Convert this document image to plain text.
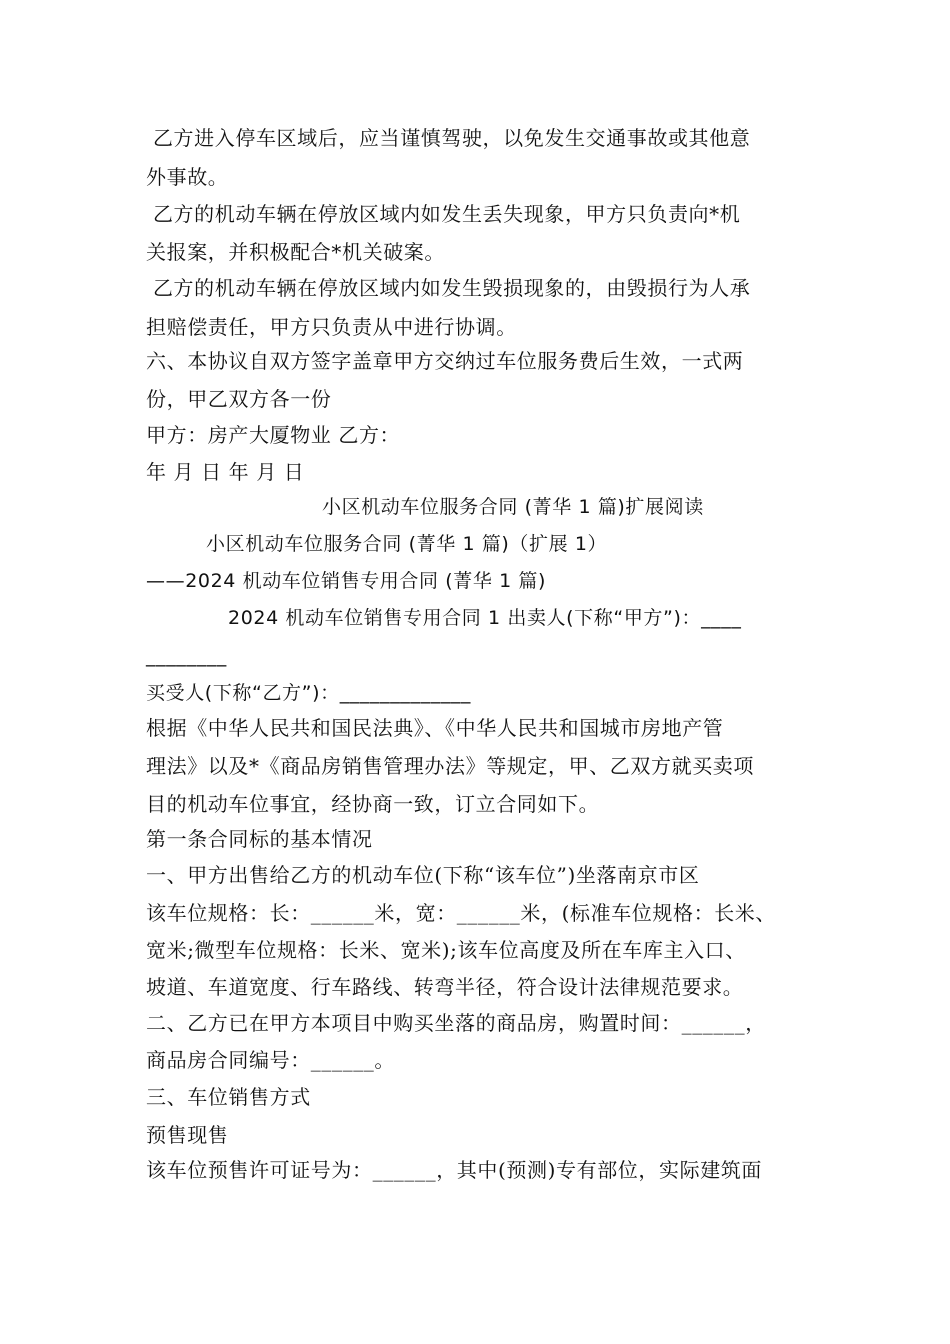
乙方进入停车区域后，应当谨慎驾驶，以免发生交通事故或其他意
外事故。
乙方的机动车辆在停放区域内如发生丢失现象，甲方只负责向*机
关报案，并积极配合*机关破案。
乙方的机动车辆在停放区域内如发生毁损现象的，由毁损行为人承
担赔偿责任，甲方只负责从中进行协调。
六、本协议自双方签字盖章甲方交纳过车位服务费后生效，一式两
份，甲乙双方各一份
甲方：房产大厦物业 乙方：
年 月 日 年 月 日
小区机动车位服务合同 (菁华 1 篇)扩展阅读
小区机动车位服务合同 (菁华 1 篇)（扩展 1）
——2024 机动车位销售专用合同 (菁华 1 篇)
2024 机动车位销售专用合同 1 出卖人(下称“甲方”)：____
________
买受人(下称“乙方”)：_____________
根据《中华人民共和国民法典》、《中华人民共和国城市房地产管
理法》以及*《商品房销售管理办法》等规定，甲、乙双方就买卖项
目的机动车位事宜，经协商一致，订立合同如下。
第一条合同标的基本情况
一、甲方出售给乙方的机动车位(下称“该车位”)坐落南京市区
该车位规格：长：______米，宽：______米，(标准车位规格：长米、
宽米;微型车位规格：长米、宽米);该车位高度及所在车库主入口、
坡道、车道宽度、行车路线、转弯半径，符合设计法律规范要求。
二、乙方已在甲方本项目中购买坐落的商品房，购置时间：______，
商品房合同编号：______。
三、车位销售方式
预售现售
该车位预售许可证号为：______，其中(预测)专有部位，实际建筑面
